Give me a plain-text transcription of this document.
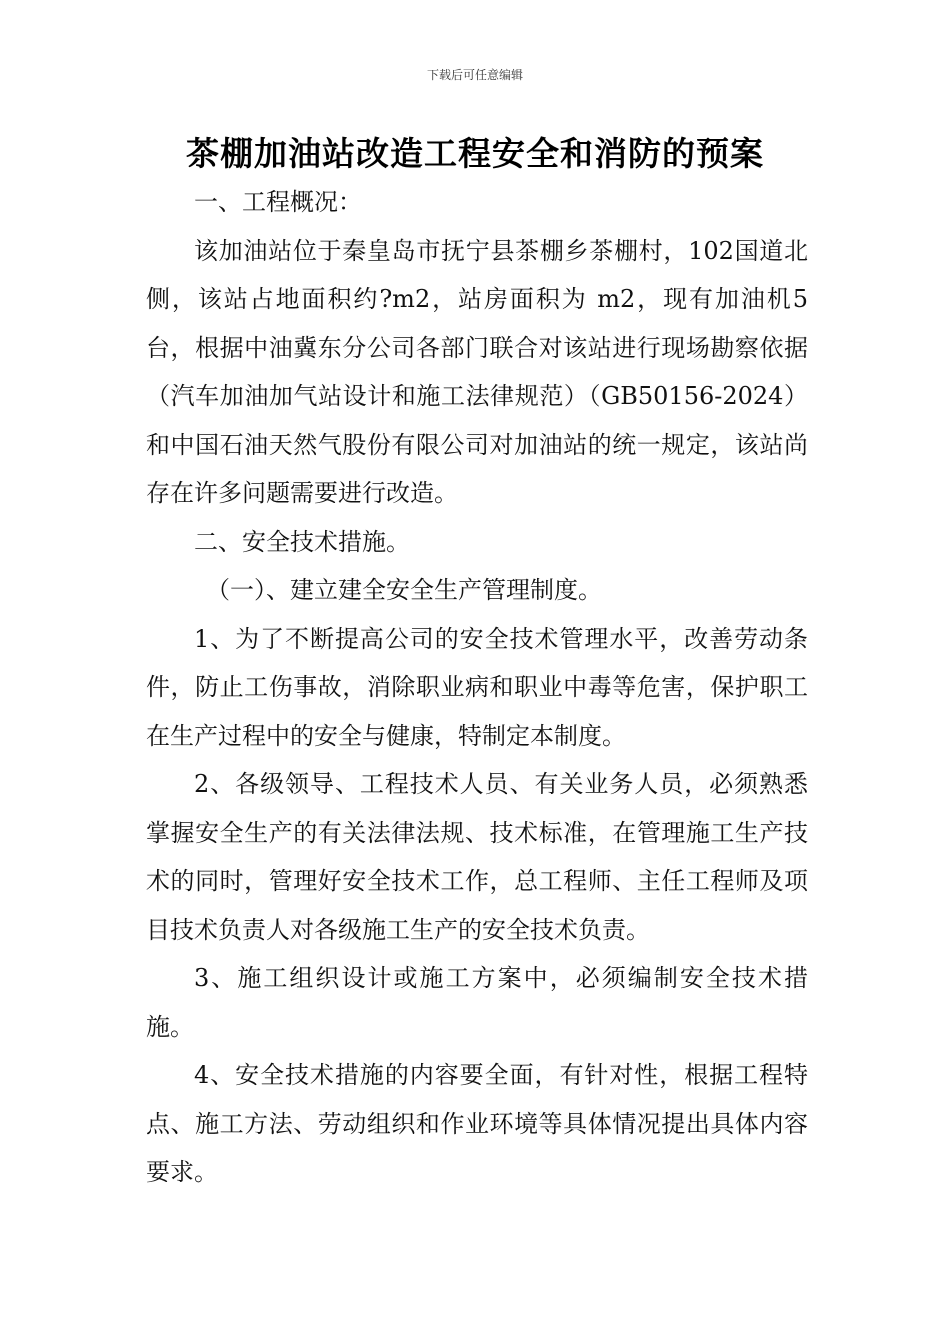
下载后可任意编辑
茶棚加油站改造工程安全和消防的预案

一、工程概况：

该加油站位于秦皇岛市抚宁县茶棚乡茶棚村，102国道北侧，该站占地面积约?m2，站房面积为 m2，现有加油机5台，根据中油冀东分公司各部门联合对该站进行现场勘察依据（汽车加油加气站设计和施工法律规范）（GB50156-2024）和中国石油天然气股份有限公司对加油站的统一规定，该站尚存在许多问题需要进行改造。

二、安全技术措施。

（一）、建立建全安全生产管理制度。

1、为了不断提高公司的安全技术管理水平，改善劳动条件，防止工伤事故，消除职业病和职业中毒等危害，保护职工在生产过程中的安全与健康，特制定本制度。

2、各级领导、工程技术人员、有关业务人员，必须熟悉掌握安全生产的有关法律法规、技术标准，在管理施工生产技术的同时，管理好安全技术工作，总工程师、主任工程师及项目技术负责人对各级施工生产的安全技术负责。

3、施工组织设计或施工方案中，必须编制安全技术措施。

4、安全技术措施的内容要全面，有针对性，根据工程特点、施工方法、劳动组织和作业环境等具体情况提出具体内容要求。
